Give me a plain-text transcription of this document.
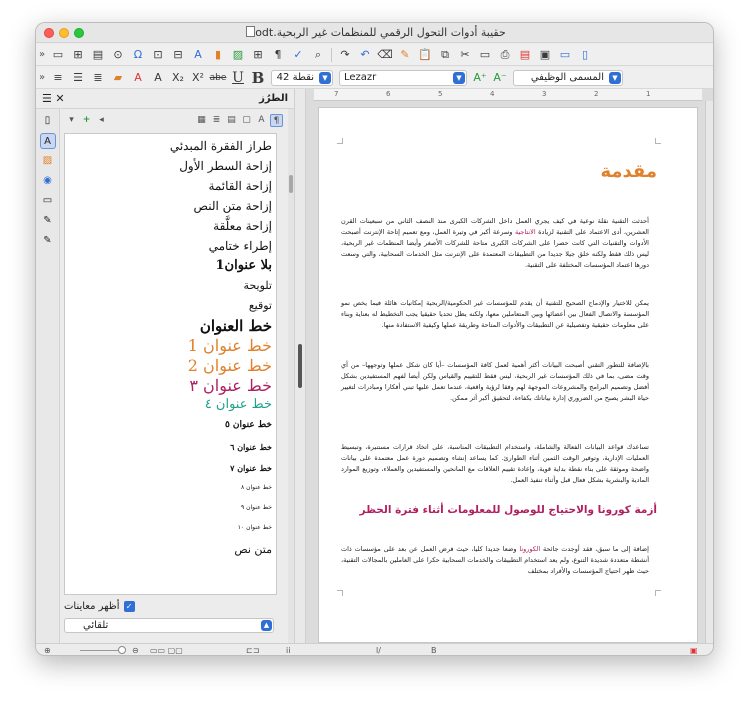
حقيبة أدوات التحول الرقمي للمنظمات غير الربحية.odt
» ▭ ⊞ ▤ ⊙	Ω	⊡ ⊟	A	▮	▨ ⊞	¶	✓	⌕	↷ ↶ ⌫ ✎ 📋 ⧉	✂ ▭ ⎙ ▤ ▣ ▭	▯
» ≡ ☰ ≣	▰	A	A X₂ X² abe U B	نقطة 42	▼	Lezazr	▼	A⁺ A⁻	المسمى الوظيفي	▼
☰ ✕	الطرُز
▯
A
▨
◉
▭
✎
✎
▾ + ◂	▦ ≣ ▤ ▢ A	¶
طراز الفقرة المبدئي
إزاحة السطر الأول
إزاحة القائمة
إزاحة متن النص
إزاحة معلَّقة
إطراء ختامي
بلا عنوان1
تلويحة
توقيع
خط العنوان
خط عنوان 1
خط عنوان 2
خط عنوان ٣
خط عنوان ٤
خط عنوان ٥
خط عنوان ٦
خط عنوان ٧
خط عنوان ٨
خط عنوان ٩
خط عنوان ١٠
متن نص
✓
أظهر معاينات
تلقائي	▲
7	6	5	4	3	2	1
مقدمة
أحدثت التقنية نقلة نوعية في كيف يجري العمل داخل الشركات الكبرى منذ النصف الثاني من سبعينات القرن العشرين، أدى الاعتماد على التقنية لزيادة الانتاجية وسرعة أكبر في وتيرة العمل، ومع تعميم إتاحة الإنترنت أصبحت الأدوات والتقنيات التي كانت حصرا على الشركات الكبرى متاحة للشركات الأصغر وأيضا المنظمات غير الربحية، ليس ذلك فقط ولكنه خلق جيلا جديدا من التطبيقات المعتمدة على الإنترنت مثل الخدمات السحابية، والتي وسعت دورها اعتماد المؤسسات المختلفة على التقنية.
يمكن للاختيار والإدماج الصحيح للتقنية أن يقدم للمؤسسات غير الحكومية/الربحية إمكانيات هائلة فيما يخص نمو المؤسسة والاتصال الفعال بين أعضائها وبين المتعاملين معها، ولكنه يظل تحديا حقيقيا يجب التخطيط له بعناية وبناء على معلومات حقيقية وتفصيلية عن التطبيقات والأدوات المتاحة وطريقة عملها وكيفية الاستفادة منها.
بالإضافة للتطور التقني أصبحت البيانات أكثر أهمية لعمل كافة المؤسسات –أيا كان شكل عملها وتوجهها– من أي وقت مضى، بما في ذلك المؤسسات غير الربحية، ليس فقط للتقييم والقياس ولكن أيضا لفهم المستفيدين بشكل أفضل وتصميم البرامج والمشروعات الموجهة لهم وفقا لرؤية واقعية، عندما تعمل عليها تبني أفكارا ومبادرات لتغيير حياة البشر يصبح من الضروري إدارة بياناتك بكفاءة، لتحقيق أكبر أثر ممكن.
تساعدك قواعد البيانات الفعالة والشاملة، واستخدام التطبيقات المناسبة، على اتخاذ قرارات مستنيرة، وتبسيط العمليات الإدارية، وتوفير الوقت الثمين أثناء الطوارئ. كما يساعد إنشاء وتصميم دورة عمل معتمدة على بيانات واضحة وموثقة على بناء نقطة بداية قوية، وإعادة تقييم العلاقات مع المانحين والمستفيدين والعملاء، وتوزيع الموارد المادية والبشرية بشكل فعال قبل وأثناء تنفيذ العمل.
أزمة كورونا والاحتياج للوصول للمعلومات أثناء فترة الحظر
إضافة إلى ما سبق، فقد أوجدت جائحة الكورونا وضعا جديدا كليا، حيث فرض العمل عن بعد على مؤسسات ذات أنشطة متعددة شديدة التنوع، ولم يعد استخدام التطبيقات والخدمات السحابية حكرا على العاملين بالمجالات التقنية، حيث ظهر احتياج المؤسسات والأفراد بمختلف
⊕	⊖ ▭▭ ▢▢	⊏⊐	ii	ا/	B	▣
